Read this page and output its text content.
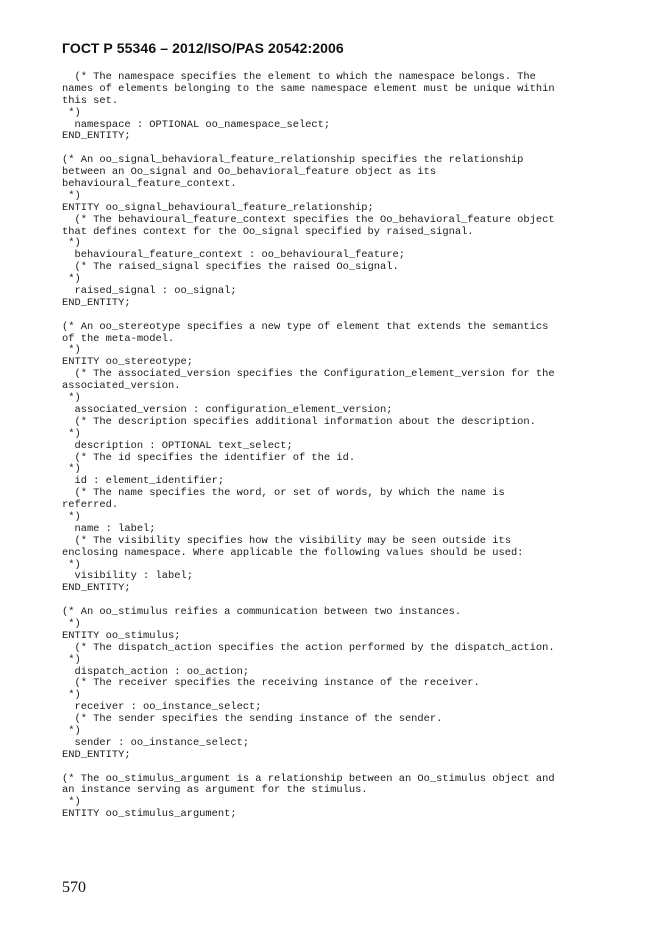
ГОСТ Р 55346 – 2012/ISO/PAS 20542:2006
(* The namespace specifies the element to which the namespace belongs. The
names of elements belonging to the same namespace element must be unique within
this set.
*)
namespace : OPTIONAL oo_namespace_select;
END_ENTITY;
(* An oo_signal_behavioral_feature_relationship specifies the relationship
between an Oo_signal and Oo_behavioral_feature object as its
behavioural_feature_context.
*)
ENTITY oo_signal_behavioural_feature_relationship;
(* The behavioural_feature_context specifies the Oo_behavioral_feature object
that defines context for the Oo_signal specified by raised_signal.
*)
behavioural_feature_context : oo_behavioural_feature;
(* The raised_signal specifies the raised Oo_signal.
*)
raised_signal : oo_signal;
END_ENTITY;
(* An oo_stereotype specifies a new type of element that extends the semantics
of the meta-model.
*)
ENTITY oo_stereotype;
(* The associated_version specifies the Configuration_element_version for the
associated_version.
*)
associated_version : configuration_element_version;
(* The description specifies additional information about the description.
*)
description : OPTIONAL text_select;
(* The id specifies the identifier of the id.
*)
id : element_identifier;
(* The name specifies the word, or set of words, by which the name is
referred.
*)
name : label;
(* The visibility specifies how the visibility may be seen outside its
enclosing namespace. Where applicable the following values should be used:
*)
visibility : label;
END_ENTITY;
(* An oo_stimulus reifies a communication between two instances.
*)
ENTITY oo_stimulus;
(* The dispatch_action specifies the action performed by the dispatch_action.
*)
dispatch_action : oo_action;
(* The receiver specifies the receiving instance of the receiver.
*)
receiver : oo_instance_select;
(* The sender specifies the sending instance of the sender.
*)
sender : oo_instance_select;
END_ENTITY;
(* The oo_stimulus_argument is a relationship between an Oo_stimulus object and
an instance serving as argument for the stimulus.
*)
ENTITY oo_stimulus_argument;
570
